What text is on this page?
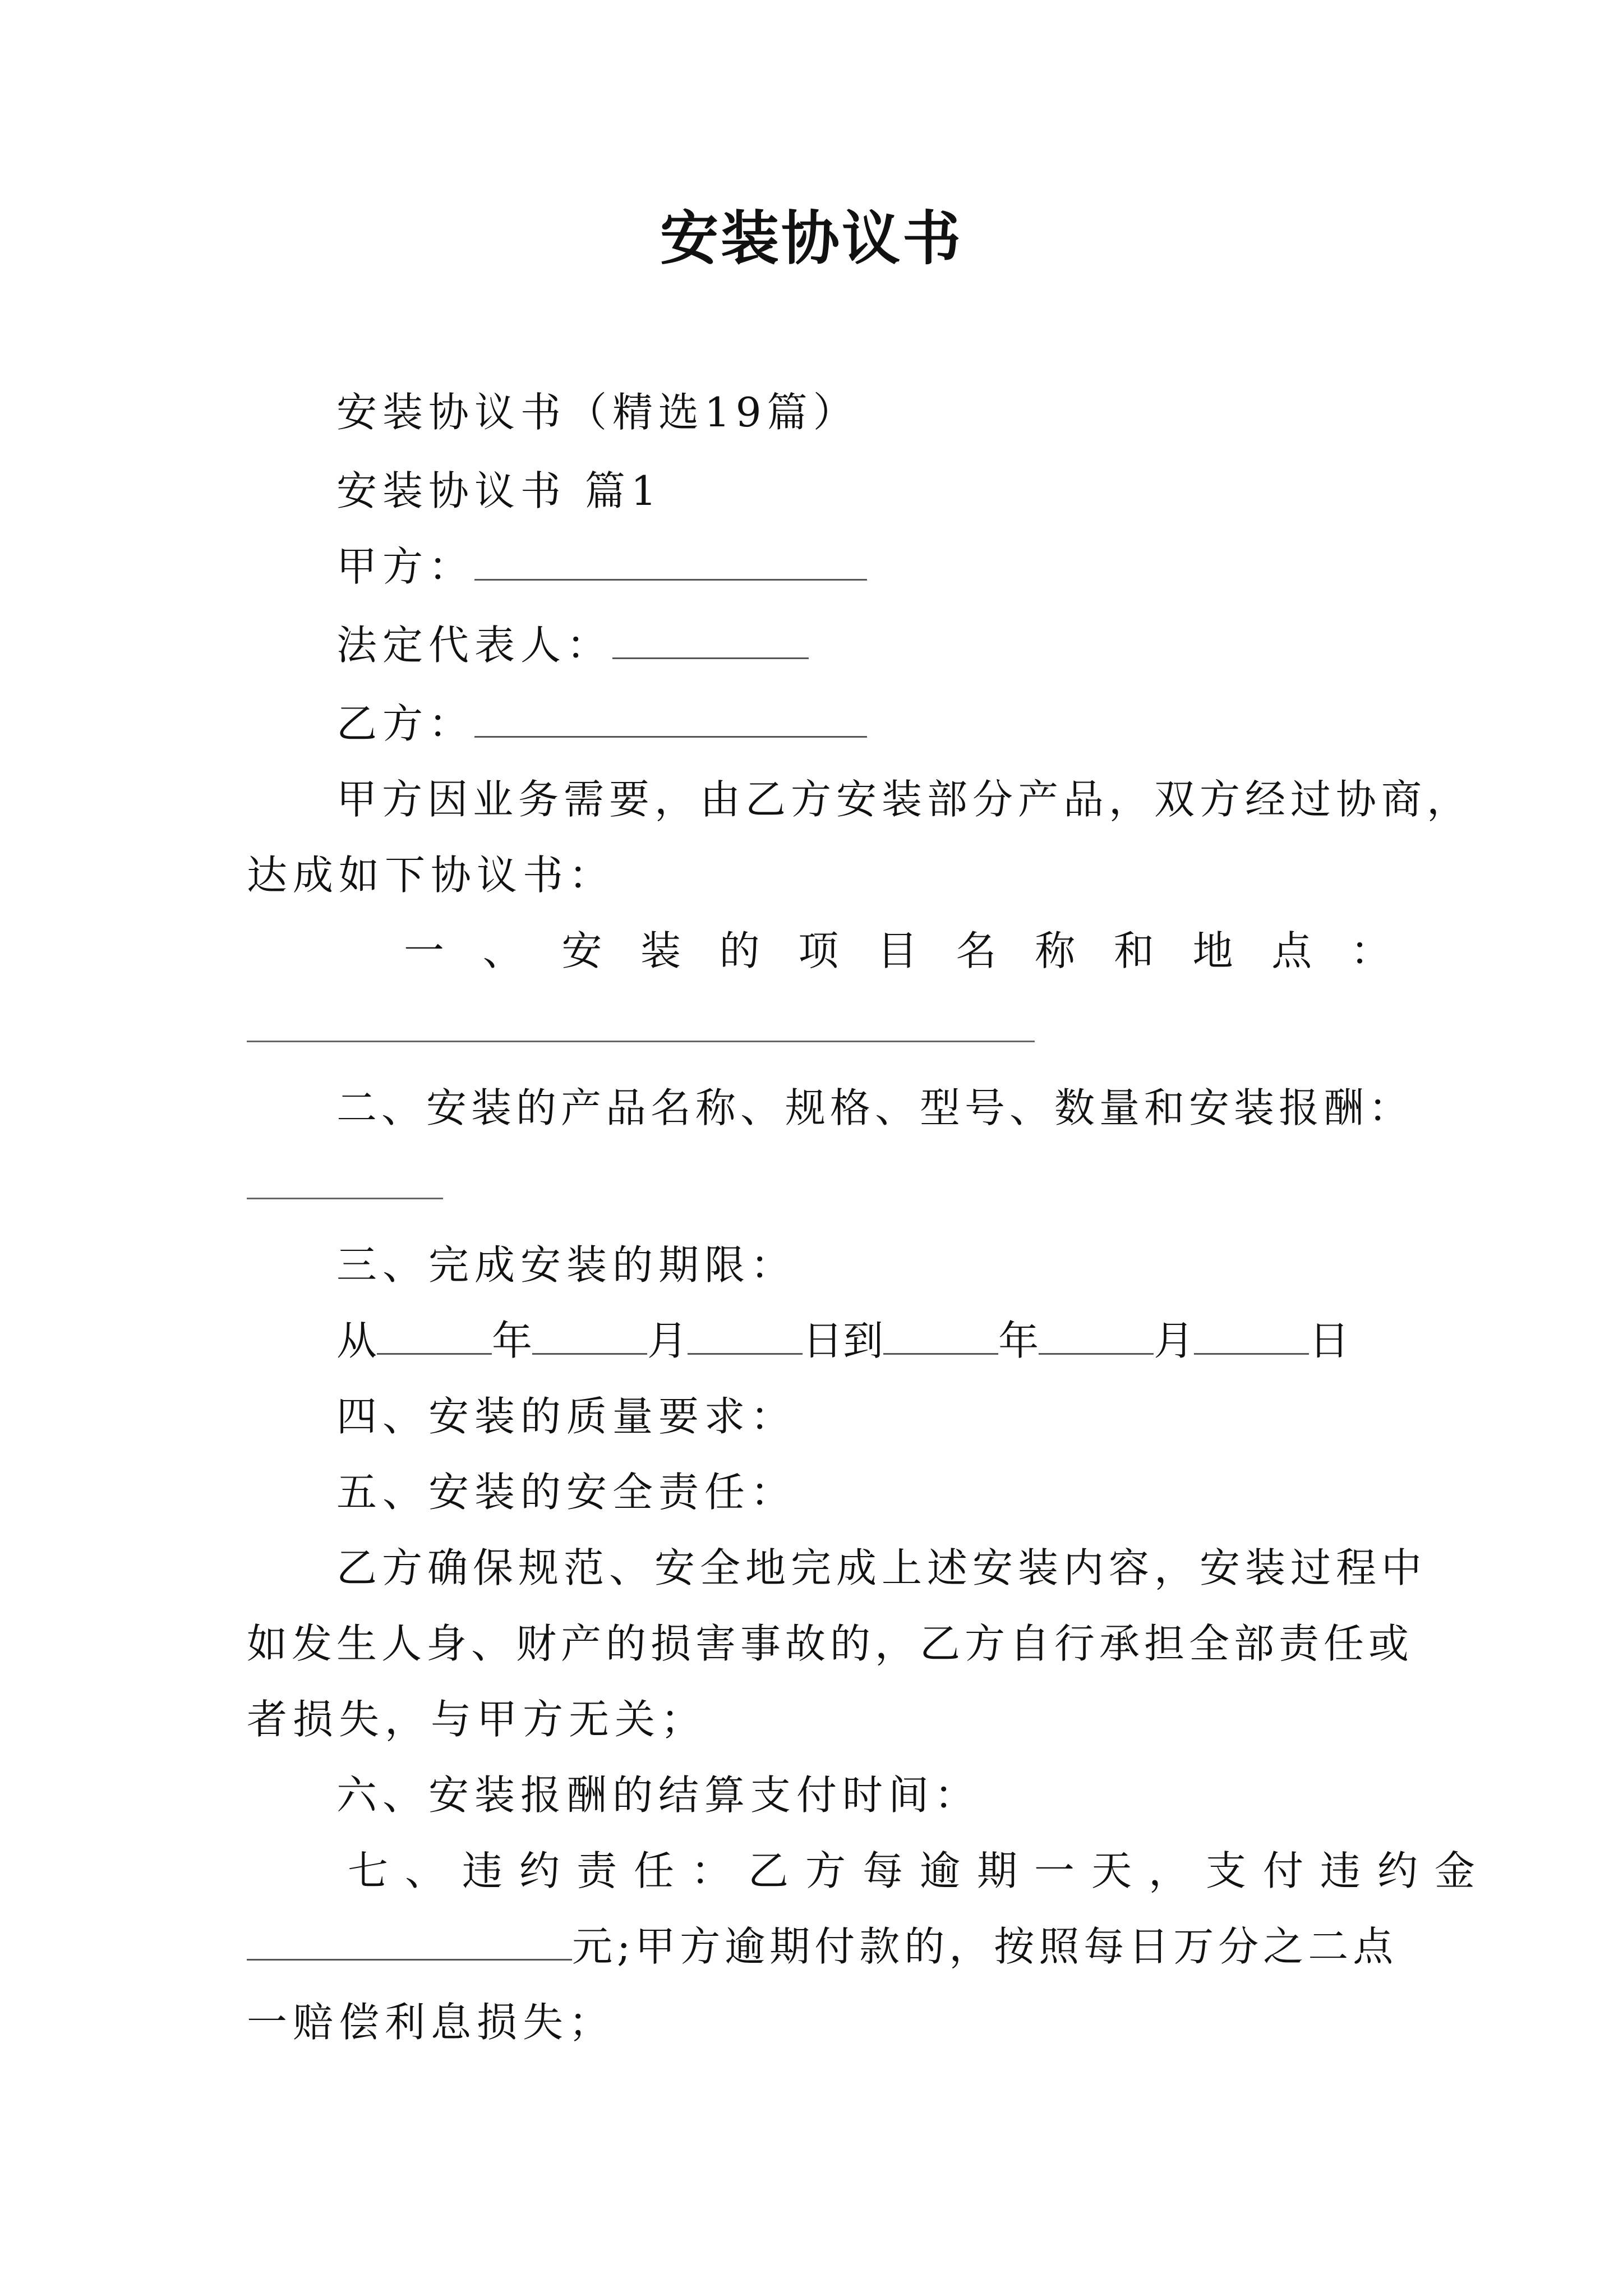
安装协议书
安装协议书（精选19篇）
安装协议书 篇1
甲方：
法定代表人：
乙方：
甲方因业务需要，由乙方安装部分产品，双方经过协商，
达成如下协议书：
一 、 安 装 的 项 目 名 称 和 地 点 ：
二、安装的产品名称、规格、型号、数量和安装报酬：
三、完成安装的期限：
从	年	月	日到	年	月	日
四、安装的质量要求：
五、安装的安全责任：
乙方确保规范、安全地完成上述安装内容，安装过程中
如发生人身、财产的损害事故的，乙方自行承担全部责任或
者损失，与甲方无关；
六、安装报酬的结算支付时间：
七、违约责任：乙方每逾期一天，支付违约金
元;甲方逾期付款的，按照每日万分之二点
一赔偿利息损失；
